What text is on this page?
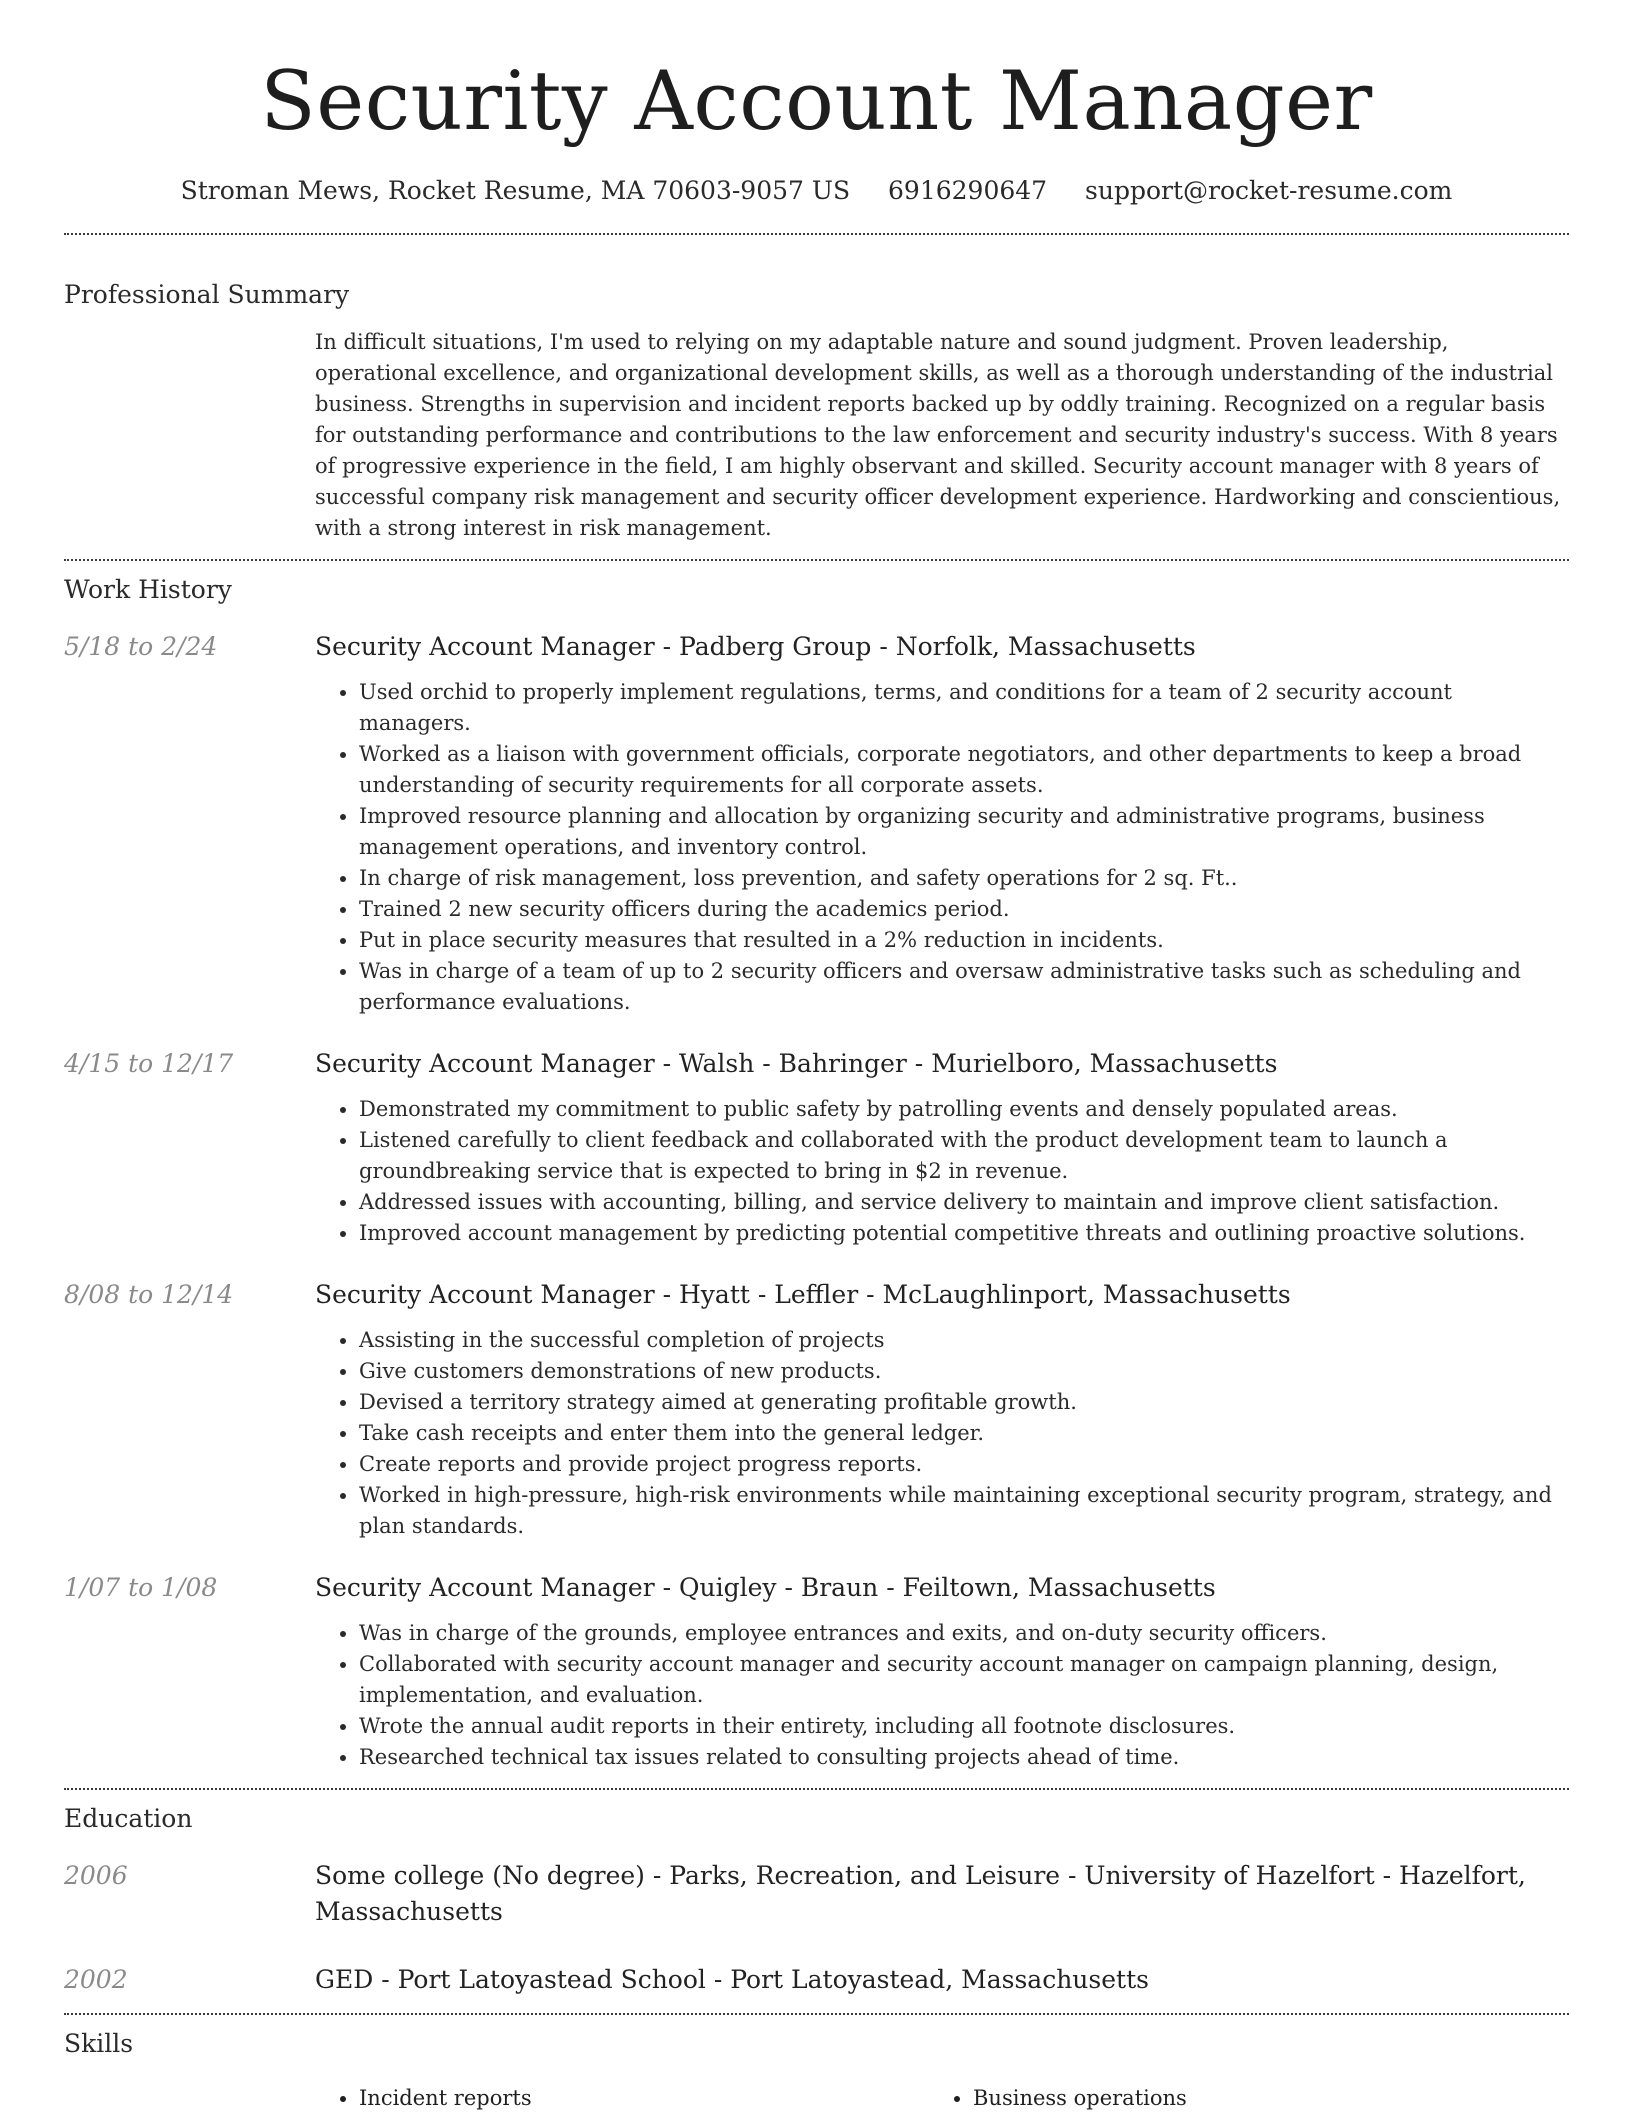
Security Account Manager
Stroman Mews, Rocket Resume, MA 70603-9057 US 6916290647 support@rocket-resume.com
Professional Summary
In difficult situations, I'm used to relying on my adaptable nature and sound judgment. Proven leadership, operational excellence, and organizational development skills, as well as a thorough understanding of the industrial business. Strengths in supervision and incident reports backed up by oddly training. Recognized on a regular basis for outstanding performance and contributions to the law enforcement and security industry's success. With 8 years of progressive experience in the field, I am highly observant and skilled. Security account manager with 8 years of successful company risk management and security officer development experience. Hardworking and conscientious, with a strong interest in risk management.
Work History
5/18 to 2/24	Security Account Manager - Padberg Group - Norfolk, Massachusetts
• Used orchid to properly implement regulations, terms, and conditions for a team of 2 security account managers.
• Worked as a liaison with government officials, corporate negotiators, and other departments to keep a broad understanding of security requirements for all corporate assets.
• Improved resource planning and allocation by organizing security and administrative programs, business management operations, and inventory control.
• In charge of risk management, loss prevention, and safety operations for 2 sq. Ft..
• Trained 2 new security officers during the academics period.
• Put in place security measures that resulted in a 2% reduction in incidents.
• Was in charge of a team of up to 2 security officers and oversaw administrative tasks such as scheduling and performance evaluations.
4/15 to 12/17	Security Account Manager - Walsh - Bahringer - Murielboro, Massachusetts
• Demonstrated my commitment to public safety by patrolling events and densely populated areas.
• Listened carefully to client feedback and collaborated with the product development team to launch a groundbreaking service that is expected to bring in $2 in revenue.
• Addressed issues with accounting, billing, and service delivery to maintain and improve client satisfaction.
• Improved account management by predicting potential competitive threats and outlining proactive solutions.
8/08 to 12/14	Security Account Manager - Hyatt - Leffler - McLaughlinport, Massachusetts
• Assisting in the successful completion of projects
• Give customers demonstrations of new products.
• Devised a territory strategy aimed at generating profitable growth.
• Take cash receipts and enter them into the general ledger.
• Create reports and provide project progress reports.
• Worked in high-pressure, high-risk environments while maintaining exceptional security program, strategy, and plan standards.
1/07 to 1/08	Security Account Manager - Quigley - Braun - Feiltown, Massachusetts
• Was in charge of the grounds, employee entrances and exits, and on-duty security officers.
• Collaborated with security account manager and security account manager on campaign planning, design, implementation, and evaluation.
• Wrote the annual audit reports in their entirety, including all footnote disclosures.
• Researched technical tax issues related to consulting projects ahead of time.
Education
2006	Some college (No degree) - Parks, Recreation, and Leisure - University of Hazelfort - Hazelfort, Massachusetts
2002	GED - Port Latoyastead School - Port Latoyastead, Massachusetts
Skills
• Incident reports
•	Business operations
